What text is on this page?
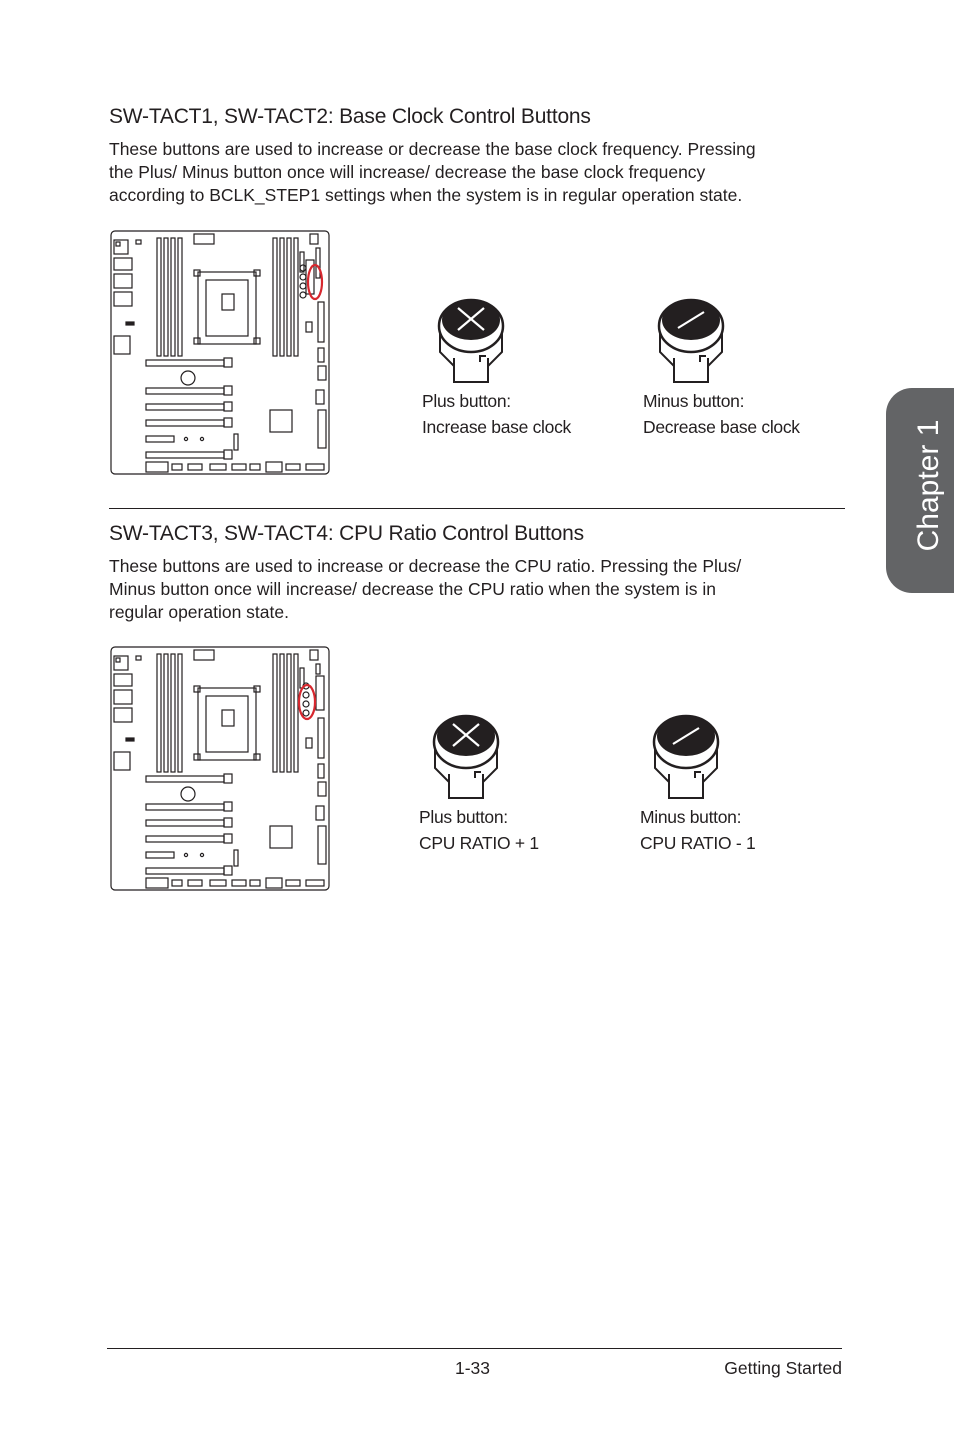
SW-TACT1, SW-TACT2: Base Clock Control Buttons
These buttons are used to increase or decrease the base clock frequency. Pressing
the Plus/ Minus button once will increase/ decrease the base clock frequency
according to BCLK_STEP1 settings when the system is in regular operation state.
Plus button:
Increase base clock
Minus button:
Decrease base clock
SW-TACT3, SW-TACT4: CPU Ratio Control Buttons
These buttons are used to increase or decrease the CPU ratio. Pressing the Plus/
Minus button once will increase/ decrease the CPU ratio when the system is in
regular operation state.
Plus button:
CPU RATIO + 1
Minus button:
CPU RATIO - 1
Chapter 1
1-33	Getting Started
